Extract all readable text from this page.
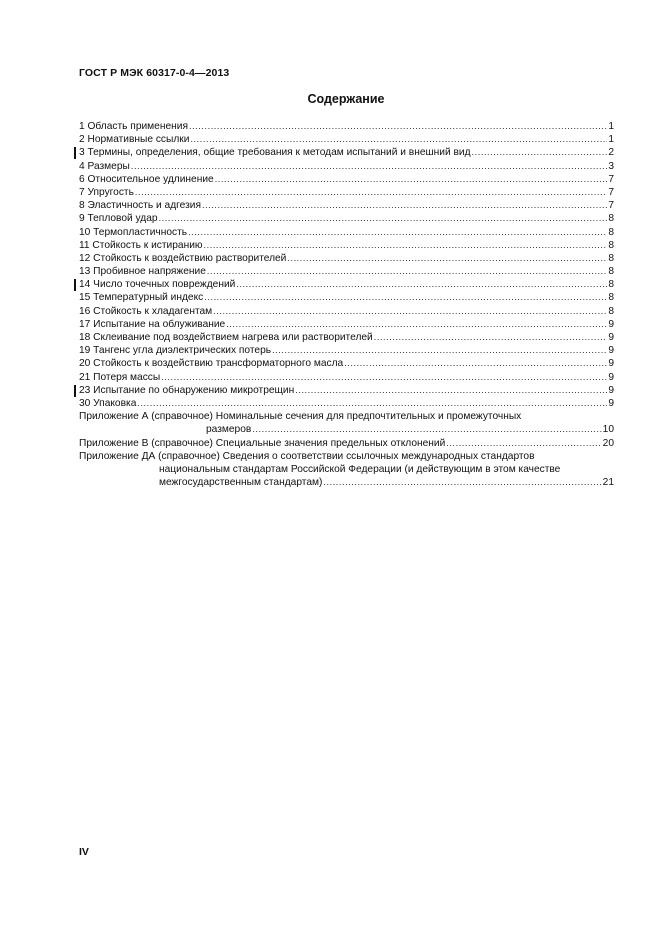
ГОСТ Р МЭК 60317-0-4—2013
Содержание
1 Область применения .....	1
2 Нормативные ссылки .....	1
3 Термины, определения, общие требования к методам испытаний и внешний вид .....	2
4 Размеры .....	3
6 Относительное удлинение .....	7
7 Упругость .....	7
8 Эластичность и адгезия .....	7
9 Тепловой удар .....	8
10 Термопластичность .....	8
11 Стойкость к истиранию .....	8
12 Стойкость к воздействию растворителей .....	8
13 Пробивное напряжение .....	8
14 Число точечных повреждений .....	8
15 Температурный индекс .....	8
16 Стойкость к хладагентам .....	8
17 Испытание на облуживание .....	9
18 Склеивание под воздействием нагрева или растворителей .....	9
19 Тангенс угла диэлектрических потерь .....	9
20 Стойкость к воздействию трансформаторного масла .....	9
21 Потеря массы .....	9
23 Испытание по обнаружению микротрещин .....	9
30 Упаковка .....	9
Приложение А (справочное) Номинальные сечения для предпочтительных и промежуточных
размеров .....	10
Приложение В (справочное) Специальные значения предельных отклонений .....	20
Приложение ДА (справочное) Сведения о соответствии ссылочных международных стандартов
национальным стандартам Российской Федерации (и действующим в этом качестве
межгосударственным стандартам) .....	21
IV
